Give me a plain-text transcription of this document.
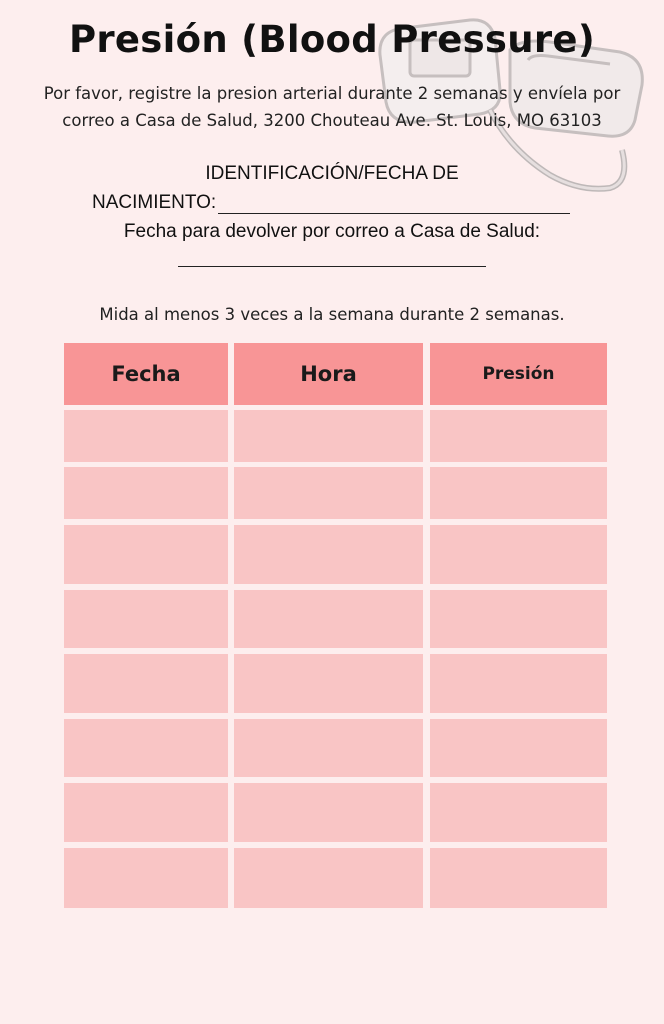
Presión (Blood Pressure)
Por favor, registre la presion arterial durante 2 semanas y envíela por
correo a Casa de Salud, 3200 Chouteau Ave. St. Louis, MO 63103
IDENTIFICACIÓN/FECHA DE
NACIMIENTO:
Fecha para devolver por correo a Casa de Salud:
Mida al menos 3 veces a la semana durante 2 semanas.
Fecha	Hora	Presión
